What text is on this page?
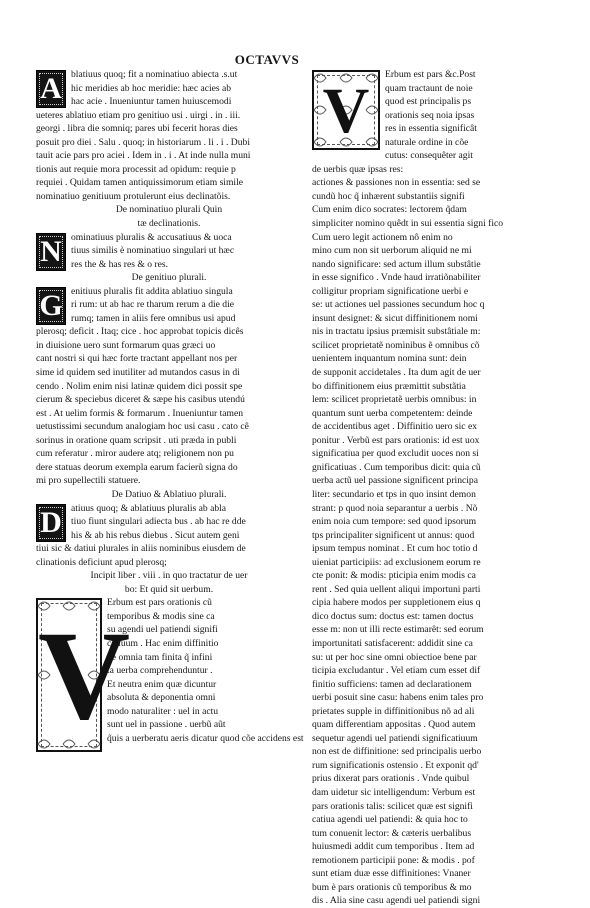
OCTAVVS
A blatiuus quoq; fit a nominatiuo abiecta .s.ut
hic meridies ab hoc meridie: hæc acies ab
hac acie . Inueniuntur tamen huiuscemodi
ueteres ablatiuo etiam pro genitiuo usi . uirgi . in . iii.
georgi . libra die somniq; pares ubi fecerit horas dies
posuit pro diei . Salu . quoq; in historiarum . li . i . Dubi
tauit acie pars pro aciei . Idem in . i . At inde nulla muni
tionis aut requie mora processit ad opidum: requie p
requiei . Quidam tamen antiquissimorum etiam simile
nominatiuo genitiuum protulerunt eius declinatõis.
De nominatiuo plurali Quin
tæ declinationis.
N ominatiuus pluralis & accusatiuus & uoca
tiuus similis è nominatiuo singulari ut hæc
res the & has res & o res.
De genitiuo plurali.
G enitiuus pluralis fit addita ablatiuo singula
ri rum: ut ab hac re tharum rerum a die die
rumq; tamen in aliis fere omnibus usi apud
plerosq; deficit . Itaq; cice . hoc approbat topicis dicês
in diuisione uero sunt formarum quas græci uo
cant nostri si qui hæc forte tractant appellant nos per
sime id quidem sed inutiliter ad mutandos casus in di
cendo . Nolim enim nisi latinæ quidem dici possit spe
cierum & speciebus diceret & sæpe his casibus utendú
est . At uelim formis & formarum . Inueniuntur tamen
uetustissimi secundum analogiam hoc usi casu . cato cê
sorinus in oratione quam scripsit . uti præda in publi
cum referatur . miror audere atq; religionem non pu
dere statuas deorum exempla earum facierũ signa do
mi pro supellectili statuere.
De Datiuo & Ablatiuo plurali.
D atiuus quoq; & ablatiuus pluralis ab abla
tiuo fiunt singulari adiecta bus . ab hac re dde
his & ab his rebus diebus . Sicut autem geni
tiui sic & datiui plurales in aliis nominibus eiusdem de
clinationis deficiunt apud plerosq;
Incipit liber . viii . in quo tractatur de uer
bo: Et quid sit uerbum.
V
Erbum est pars orationis cũ
temporibus & modis sine ca
su agendi uel patiendi signifi
catiuum . Hac enim diffinitio
ne omnia tam finita q̃ infini
ta uerba comprehenduntur .
Et neutra enim quæ dicuntur
absoluta & deponentia omni
modo naturaliter : uel in actu
sunt uel in passione . uerbũ aũt
q̃uis a uerberatu aeris dicatur quod cõe accidens est
V	Erbum est pars &c.Post
quam tractaunt de noie
quod est principalis ps
orationis seq noia ipsas
res in essentia significât
naturale ordine in cõe
cutus: consequêter agit
de uerbis quæ ipsas res:
actiones & passiones non in essentia: sed se
cundũ hoc q̃ inhærent substantiis signifi
Cum enim dico socrates: lectorem q̃dam
simpliciter nomino quêdt in sui essentia signi fico
Cum uero legit actionem nô enim no
mino cum non sit uerborum aliquid ne mi
nando significare: sed actum illum substâtie
in esse significo . Vnde haud irratiõnabiliter
colligitur propriam significatione uerbi e
se: ut actiones uel passiones secundum hoc q
insunt designet: & sicut diffinitionem nomi
nis in tractatu ipsius præmisit substâtiale m:
scilicet proprietatẽ nominibus ẽ omnibus cõ
uenientem inquantum nomina sunt: dein
de supponit accidetales . Ita dum agit de uer
bo diffinitionem eius præmittit substãtia
lem: scilicet proprietatẽ uerbis omnibus: in
quantum sunt uerba competentem: deinde
de accidentibus aget . Diffinitio uero sic ex
ponitur . Verbũ est pars orationis: id est uox
significatiua per quod excludit uoces non si
gnificatiuas . Cum temporibus dicit: quia cũ
uerba actũ uel passione significent principa
liter: secundario et tps in quo insint demon
strant: p quod noia separantur a uerbis . Nõ
enim noia cum tempore: sed quod ipsorum
tps principaliter significent ut annus: quod
ipsum tempus nominat . Et cum hoc totio d
uieniat participiis: ad exclusionem eorum re
cte ponit: & modis: pticipia enim modis ca
rent . Sed quia uellent aliqui importuni parti
cipia habere modos per suppletionem eius q
dico doctus sum: doctus est: tamen doctus
esse m: non ut illi recte estimarêt: sed eorum
importunitati satisfacerent: addidit sine ca
su: ut per hoc sine omni obiectioe bene par
ticipia excludantur . Vel etiam cum esset dif
finitio sufficiens: tamen ad declarationem
uerbi posuit sine casu: habens enim tales pro
prietates supple in diffinitionibus nõ ad ali
quam differentiam appositas . Quod autem
sequetur agendi uel patiendi significatiuum
non est de diffinitione: sed principalis uerbo
rum significationis ostensio . Et exponit qd'
prius dixerat pars orationis . Vnde quibul
dam uidetur sic intelligendum: Verbum est
pars orationis talis: scilicet quæ est signifi
catiua agendi uel patiendi: & quia hoc to
tum conuenit lector: & cæteris uerbalibus
huiusmedi addit cum temporibus . Item ad
remotionem participii pone: & modis . pof
sunt etiam duæ esse diffinitiones: Vnaner
bum è pars orationis cũ temporibus & mo
dis . Alia sine casu agendi uel patiendi signi
